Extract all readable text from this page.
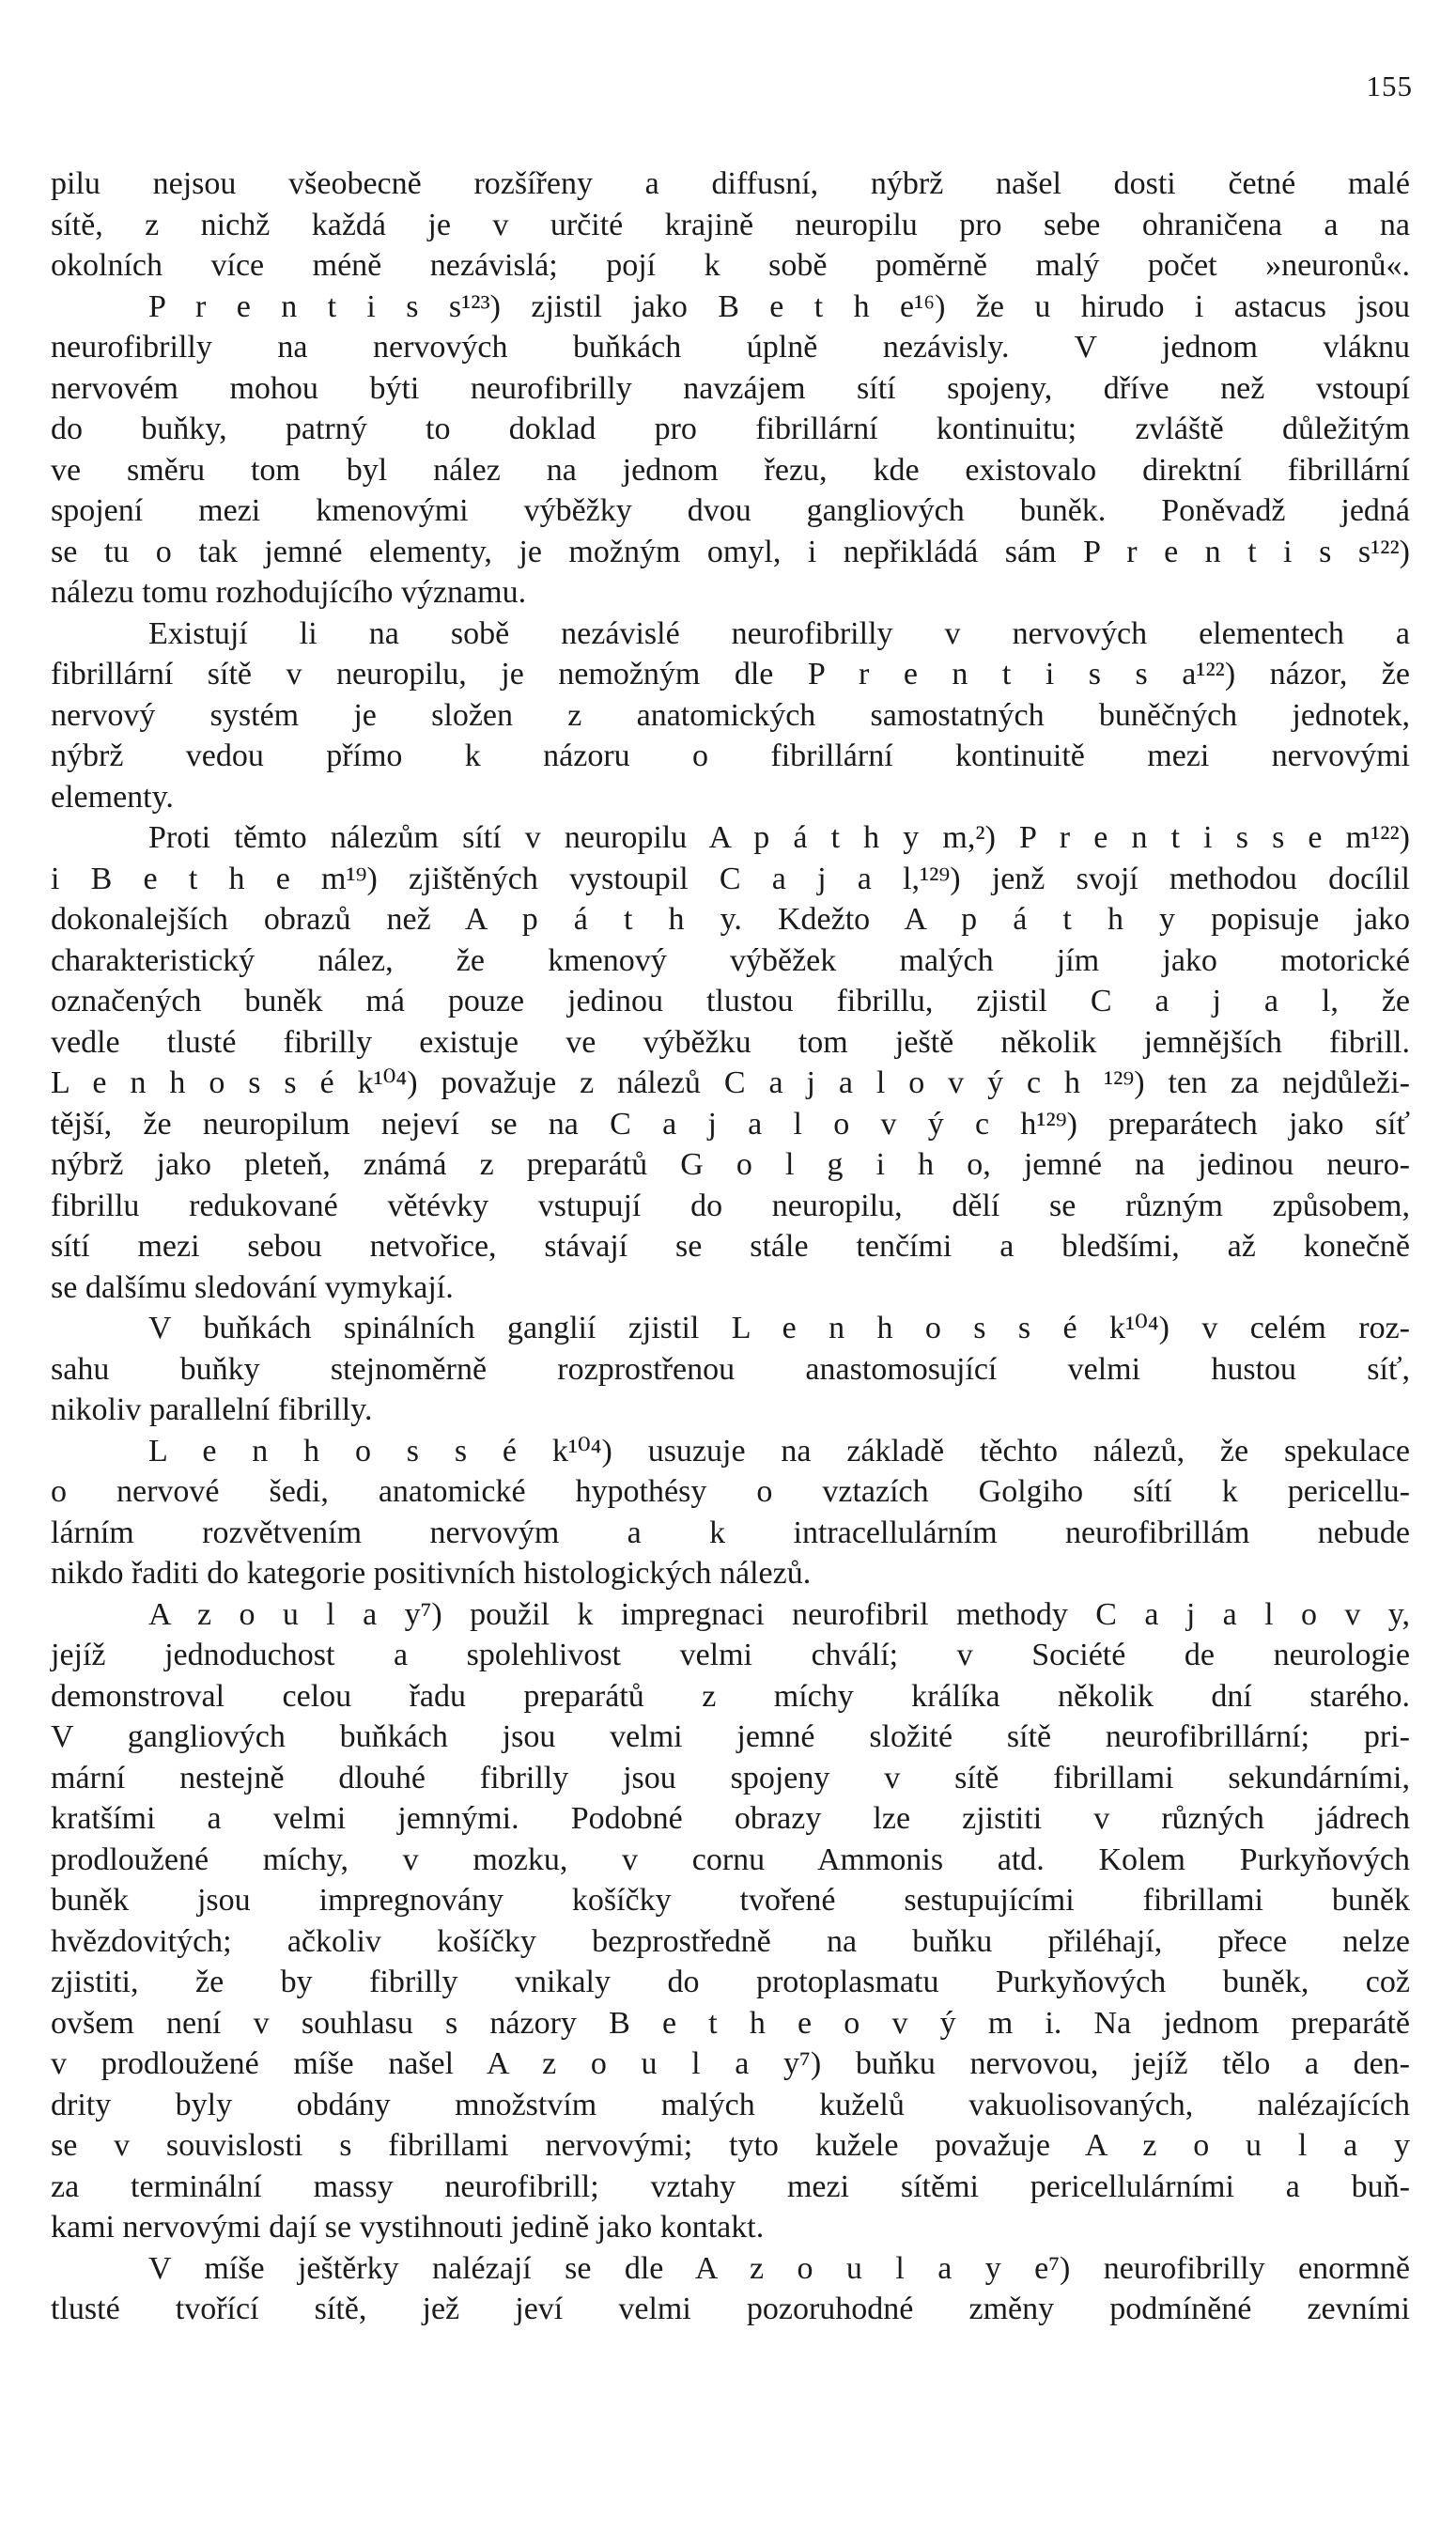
155
pilu nejsou všeobecně rozšířeny a diffusní, nýbrž našel dosti četné malé
sítě, z nichž každá je v určité krajině neuropilu pro sebe ohraničena a na
okolních více méně nezávislá; pojí k sobě poměrně malý počet »neuronů«.
P r e n t i s s¹²³) zjistil jako B e t h e¹⁶) že u hirudo i astacus jsou
neurofibrilly na nervových buňkách úplně nezávisly. V jednom vláknu
nervovém mohou býti neurofibrilly navzájem sítí spojeny, dříve než vstoupí
do buňky, patrný to doklad pro fibrillární kontinuitu; zvláště důležitým
ve směru tom byl nález na jednom řezu, kde existovalo direktní fibrillární
spojení mezi kmenovými výběžky dvou gangliových buněk. Poněvadž jedná
se tu o tak jemné elementy, je možným omyl, i nepřikládá sám P r e n t i s s¹²²)
nálezu tomu rozhodujícího významu.
Existují li na sobě nezávislé neurofibrilly v nervových elementech a
fibrillární sítě v neuropilu, je nemožným dle P r e n t i s s a¹²²) názor, že
nervový systém je složen z anatomických samostatných buněčných jednotek,
nýbrž vedou přímo k názoru o fibrillární kontinuitě mezi nervovými
elementy.
Proti těmto nálezům sítí v neuropilu A p á t h y m,²) P r e n t i s s e m¹²²)
i B e t h e m¹⁹) zjištěných vystoupil C a j a l,¹²⁹) jenž svojí methodou docílil
dokonalejších obrazů než A p á t h y. Kdežto A p á t h y popisuje jako
charakteristický nález, že kmenový výběžek malých jím jako motorické
označených buněk má pouze jedinou tlustou fibrillu, zjistil C a j a l, že
vedle tlusté fibrilly existuje ve výběžku tom ještě několik jemnějších fibrill.
L e n h o s s é k¹⁰⁴) považuje z nálezů C a j a l o v ý c h ¹²⁹) ten za nejdůleži-
tější, že neuropilum nejeví se na C a j a l o v ý c h¹²⁹) preparátech jako síť
nýbrž jako pleteň, známá z preparátů G o l g i h o, jemné na jedinou neuro-
fibrillu redukované větévky vstupují do neuropilu, dělí se různým způsobem,
sítí mezi sebou netvořice, stávají se stále tenčími a bledšími, až konečně
se dalšímu sledování vymykají.
V buňkách spinálních ganglií zjistil L e n h o s s é k¹⁰⁴) v celém roz-
sahu buňky stejnoměrně rozprostřenou anastomosující velmi hustou síť,
nikoliv parallelní fibrilly.
L e n h o s s é k¹⁰⁴) usuzuje na základě těchto nálezů, že spekulace
o nervové šedi, anatomické hypothésy o vztazích Golgiho sítí k pericellu-
lárním rozvětvením nervovým a k intracellulárním neurofibrillám nebude
nikdo řaditi do kategorie positivních histologických nálezů.
A z o u l a y⁷) použil k impregnaci neurofibril methody C a j a l o v y,
jejíž jednoduchost a spolehlivost velmi chválí; v Société de neurologie
demonstroval celou řadu preparátů z míchy králíka několik dní starého.
V gangliových buňkách jsou velmi jemné složité sítě neurofibrillární; pri-
mární nestejně dlouhé fibrilly jsou spojeny v sítě fibrillami sekundárními,
kratšími a velmi jemnými. Podobné obrazy lze zjistiti v různých jádrech
prodloužené míchy, v mozku, v cornu Ammonis atd. Kolem Purkyňových
buněk jsou impregnovány košíčky tvořené sestupujícími fibrillami buněk
hvězdovitých; ačkoliv košíčky bezprostředně na buňku přiléhají, přece nelze
zjistiti, že by fibrilly vnikaly do protoplasmatu Purkyňových buněk, což
ovšem není v souhlasu s názory B e t h e o v ý m i. Na jednom preparátě
v prodloužené míše našel A z o u l a y⁷) buňku nervovou, jejíž tělo a den-
drity byly obdány množstvím malých kuželů vakuolisovaných, nalézajících
se v souvislosti s fibrillami nervovými; tyto kužele považuje A z o u l a y
za terminální massy neurofibrill; vztahy mezi sítěmi pericellulárními a buň-
kami nervovými dají se vystihnouti jedině jako kontakt.
V míše ještěrky nalézají se dle A z o u l a y e⁷) neurofibrilly enormně
tlusté tvořící sítě, jež jeví velmi pozoruhodné změny podmíněné zevními
